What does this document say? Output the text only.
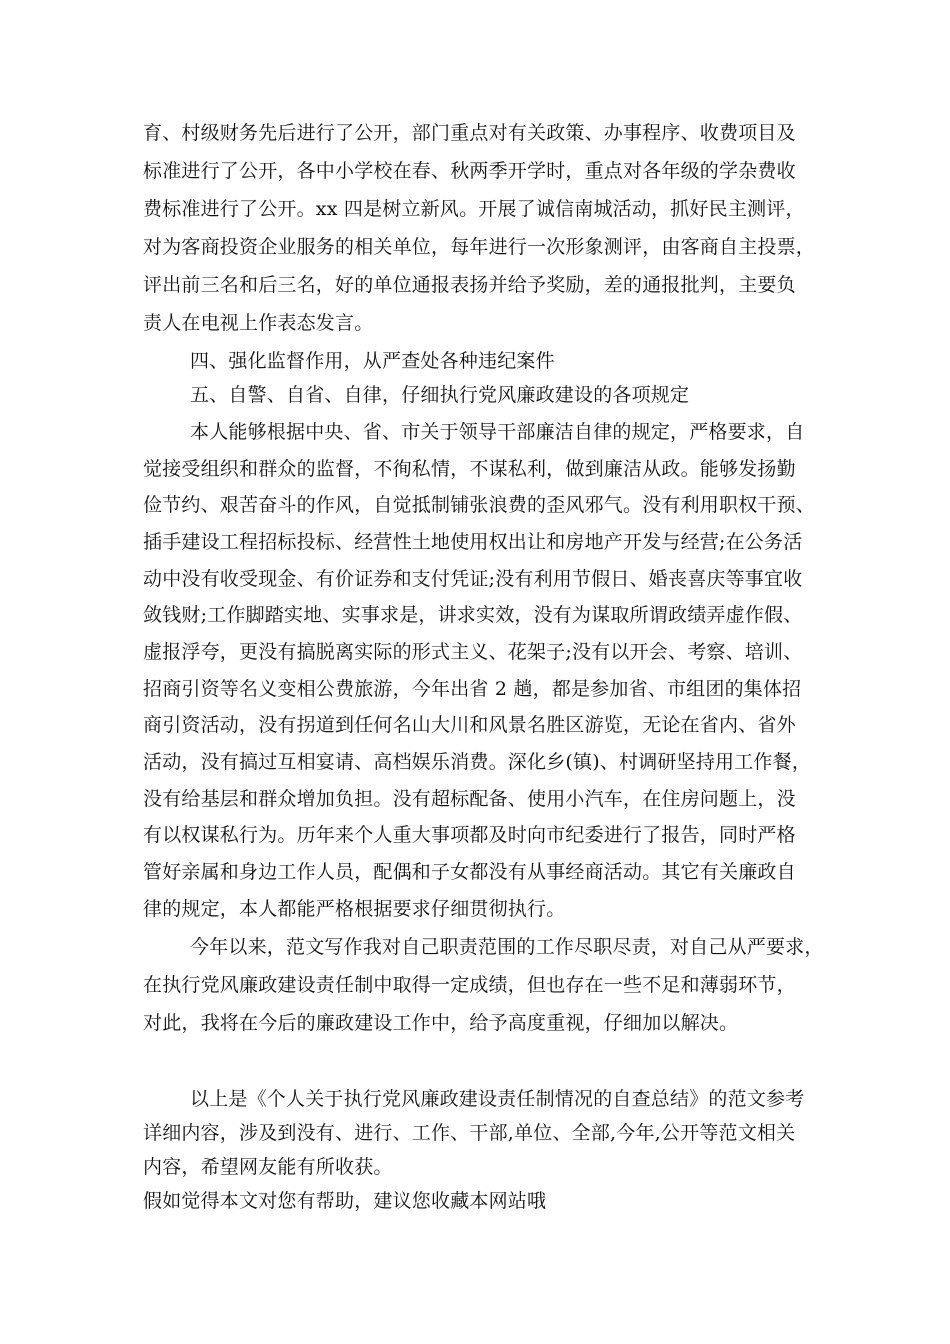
育、村级财务先后进行了公开，部门重点对有关政策、办事程序、收费项目及
标准进行了公开，各中小学校在春、秋两季开学时，重点对各年级的学杂费收
费标准进行了公开。xx 四是树立新风。开展了诚信南城活动，抓好民主测评，
对为客商投资企业服务的相关单位，每年进行一次形象测评，由客商自主投票，
评出前三名和后三名，好的单位通报表扬并给予奖励，差的通报批判，主要负
责人在电视上作表态发言。
四、强化监督作用，从严查处各种违纪案件
五、自警、自省、自律，仔细执行党风廉政建设的各项规定
本人能够根据中央、省、市关于领导干部廉洁自律的规定，严格要求，自
觉接受组织和群众的监督，不徇私情，不谋私利，做到廉洁从政。能够发扬勤
俭节约、艰苦奋斗的作风，自觉抵制铺张浪费的歪风邪气。没有利用职权干预、
插手建设工程招标投标、经营性土地使用权出让和房地产开发与经营;在公务活
动中没有收受现金、有价证券和支付凭证;没有利用节假日、婚丧喜庆等事宜收
敛钱财;工作脚踏实地、实事求是，讲求实效，没有为谋取所谓政绩弄虚作假、
虚报浮夸，更没有搞脱离实际的形式主义、花架子;没有以开会、考察、培训、
招商引资等名义变相公费旅游，今年出省 2 趟，都是参加省、市组团的集体招
商引资活动，没有拐道到任何名山大川和风景名胜区游览，无论在省内、省外
活动，没有搞过互相宴请、高档娱乐消费。深化乡(镇)、村调研坚持用工作餐，
没有给基层和群众增加负担。没有超标配备、使用小汽车，在住房问题上，没
有以权谋私行为。历年来个人重大事项都及时向市纪委进行了报告，同时严格
管好亲属和身边工作人员，配偶和子女都没有从事经商活动。其它有关廉政自
律的规定，本人都能严格根据要求仔细贯彻执行。
今年以来，范文写作我对自己职责范围的工作尽职尽责，对自己从严要求，
在执行党风廉政建设责任制中取得一定成绩，但也存在一些不足和薄弱环节，
对此，我将在今后的廉政建设工作中，给予高度重视，仔细加以解决。
以上是《个人关于执行党风廉政建设责任制情况的自查总结》的范文参考
详细内容，涉及到没有、进行、工作、干部,单位、全部,今年,公开等范文相关
内容，希望网友能有所收获。
假如觉得本文对您有帮助，建议您收藏本网站哦
